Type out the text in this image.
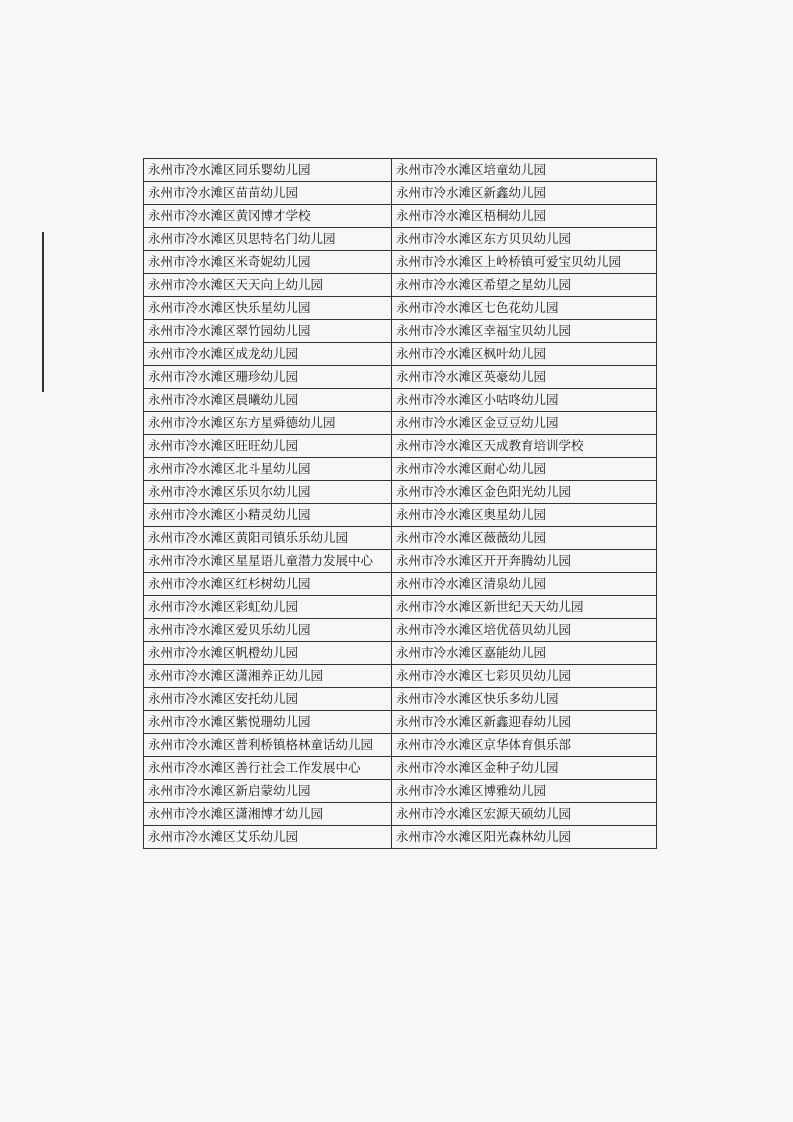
永州市冷水滩区同乐婴幼儿园	永州市冷水滩区培童幼儿园
永州市冷水滩区苗苗幼儿园	永州市冷水滩区新鑫幼儿园
永州市冷水滩区黄冈博才学校	永州市冷水滩区梧桐幼儿园
永州市冷水滩区贝思特名门幼儿园	永州市冷水滩区东方贝贝幼儿园
永州市冷水滩区米奇妮幼儿园	永州市冷水滩区上岭桥镇可爱宝贝幼儿园
永州市冷水滩区天天向上幼儿园	永州市冷水滩区希望之星幼儿园
永州市冷水滩区快乐星幼儿园	永州市冷水滩区七色花幼儿园
永州市冷水滩区翠竹园幼儿园	永州市冷水滩区幸福宝贝幼儿园
永州市冷水滩区成龙幼儿园	永州市冷水滩区枫叶幼儿园
永州市冷水滩区珊珍幼儿园	永州市冷水滩区英豪幼儿园
永州市冷水滩区晨曦幼儿园	永州市冷水滩区小咕咚幼儿园
永州市冷水滩区东方星舜德幼儿园	永州市冷水滩区金豆豆幼儿园
永州市冷水滩区旺旺幼儿园	永州市冷水滩区天成教育培训学校
永州市冷水滩区北斗星幼儿园	永州市冷水滩区耐心幼儿园
永州市冷水滩区乐贝尔幼儿园	永州市冷水滩区金色阳光幼儿园
永州市冷水滩区小精灵幼儿园	永州市冷水滩区奥星幼儿园
永州市冷水滩区黄阳司镇乐乐幼儿园	永州市冷水滩区薇薇幼儿园
永州市冷水滩区星星语儿童潜力发展中心	永州市冷水滩区开开奔腾幼儿园
永州市冷水滩区红杉树幼儿园	永州市冷水滩区清泉幼儿园
永州市冷水滩区彩虹幼儿园	永州市冷水滩区新世纪天天幼儿园
永州市冷水滩区爱贝乐幼儿园	永州市冷水滩区培优蓓贝幼儿园
永州市冷水滩区帆橙幼儿园	永州市冷水滩区嘉能幼儿园
永州市冷水滩区潇湘养正幼儿园	永州市冷水滩区七彩贝贝幼儿园
永州市冷水滩区安托幼儿园	永州市冷水滩区快乐多幼儿园
永州市冷水滩区紫悦珊幼儿园	永州市冷水滩区新鑫迎春幼儿园
永州市冷水滩区普利桥镇格林童话幼儿园	永州市冷水滩区京华体育俱乐部
永州市冷水滩区善行社会工作发展中心	永州市冷水滩区金种子幼儿园
永州市冷水滩区新启蒙幼儿园	永州市冷水滩区博雅幼儿园
永州市冷水滩区潇湘博才幼儿园	永州市冷水滩区宏源天硕幼儿园
永州市冷水滩区艾乐幼儿园	永州市冷水滩区阳光森林幼儿园
